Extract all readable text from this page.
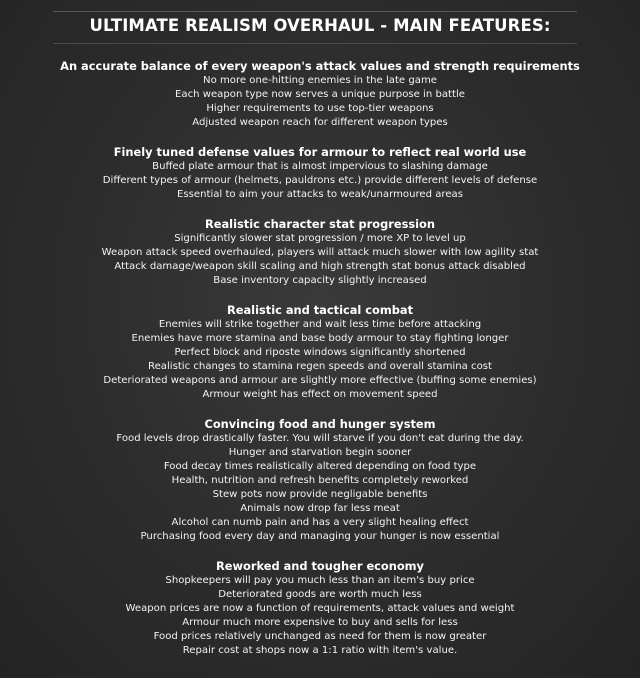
ULTIMATE REALISM OVERHAUL - MAIN FEATURES:
An accurate balance of every weapon's attack values and strength requirements
No more one-hitting enemies in the late game
Each weapon type now serves a unique purpose in battle
Higher requirements to use top-tier weapons
Adjusted weapon reach for different weapon types
Finely tuned defense values for armour to reflect real world use
Buffed plate armour that is almost impervious to slashing damage
Different types of armour (helmets, pauldrons etc.) provide different levels of defense
Essential to aim your attacks to weak/unarmoured areas
Realistic character stat progression
Significantly slower stat progression / more XP to level up
Weapon attack speed overhauled, players will attack much slower with low agility stat
Attack damage/weapon skill scaling and high strength stat bonus attack disabled
Base inventory capacity slightly increased
Realistic and tactical combat
Enemies will strike together and wait less time before attacking
Enemies have more stamina and base body armour to stay fighting longer
Perfect block and riposte windows significantly shortened
Realistic changes to stamina regen speeds and overall stamina cost
Deteriorated weapons and armour are slightly more effective (buffing some enemies)
Armour weight has effect on movement speed
Convincing food and hunger system
Food levels drop drastically faster. You will starve if you don't eat during the day.
Hunger and starvation begin sooner
Food decay times realistically altered depending on food type
Health, nutrition and refresh benefits completely reworked
Stew pots now provide negligable benefits
Animals now drop far less meat
Alcohol can numb pain and has a very slight healing effect
Purchasing food every day and managing your hunger is now essential
Reworked and tougher economy
Shopkeepers will pay you much less than an item's buy price
Deteriorated goods are worth much less
Weapon prices are now a function of requirements, attack values and weight
Armour much more expensive to buy and sells for less
Food prices relatively unchanged as need for them is now greater
Repair cost at shops now a 1:1 ratio with item's value.
